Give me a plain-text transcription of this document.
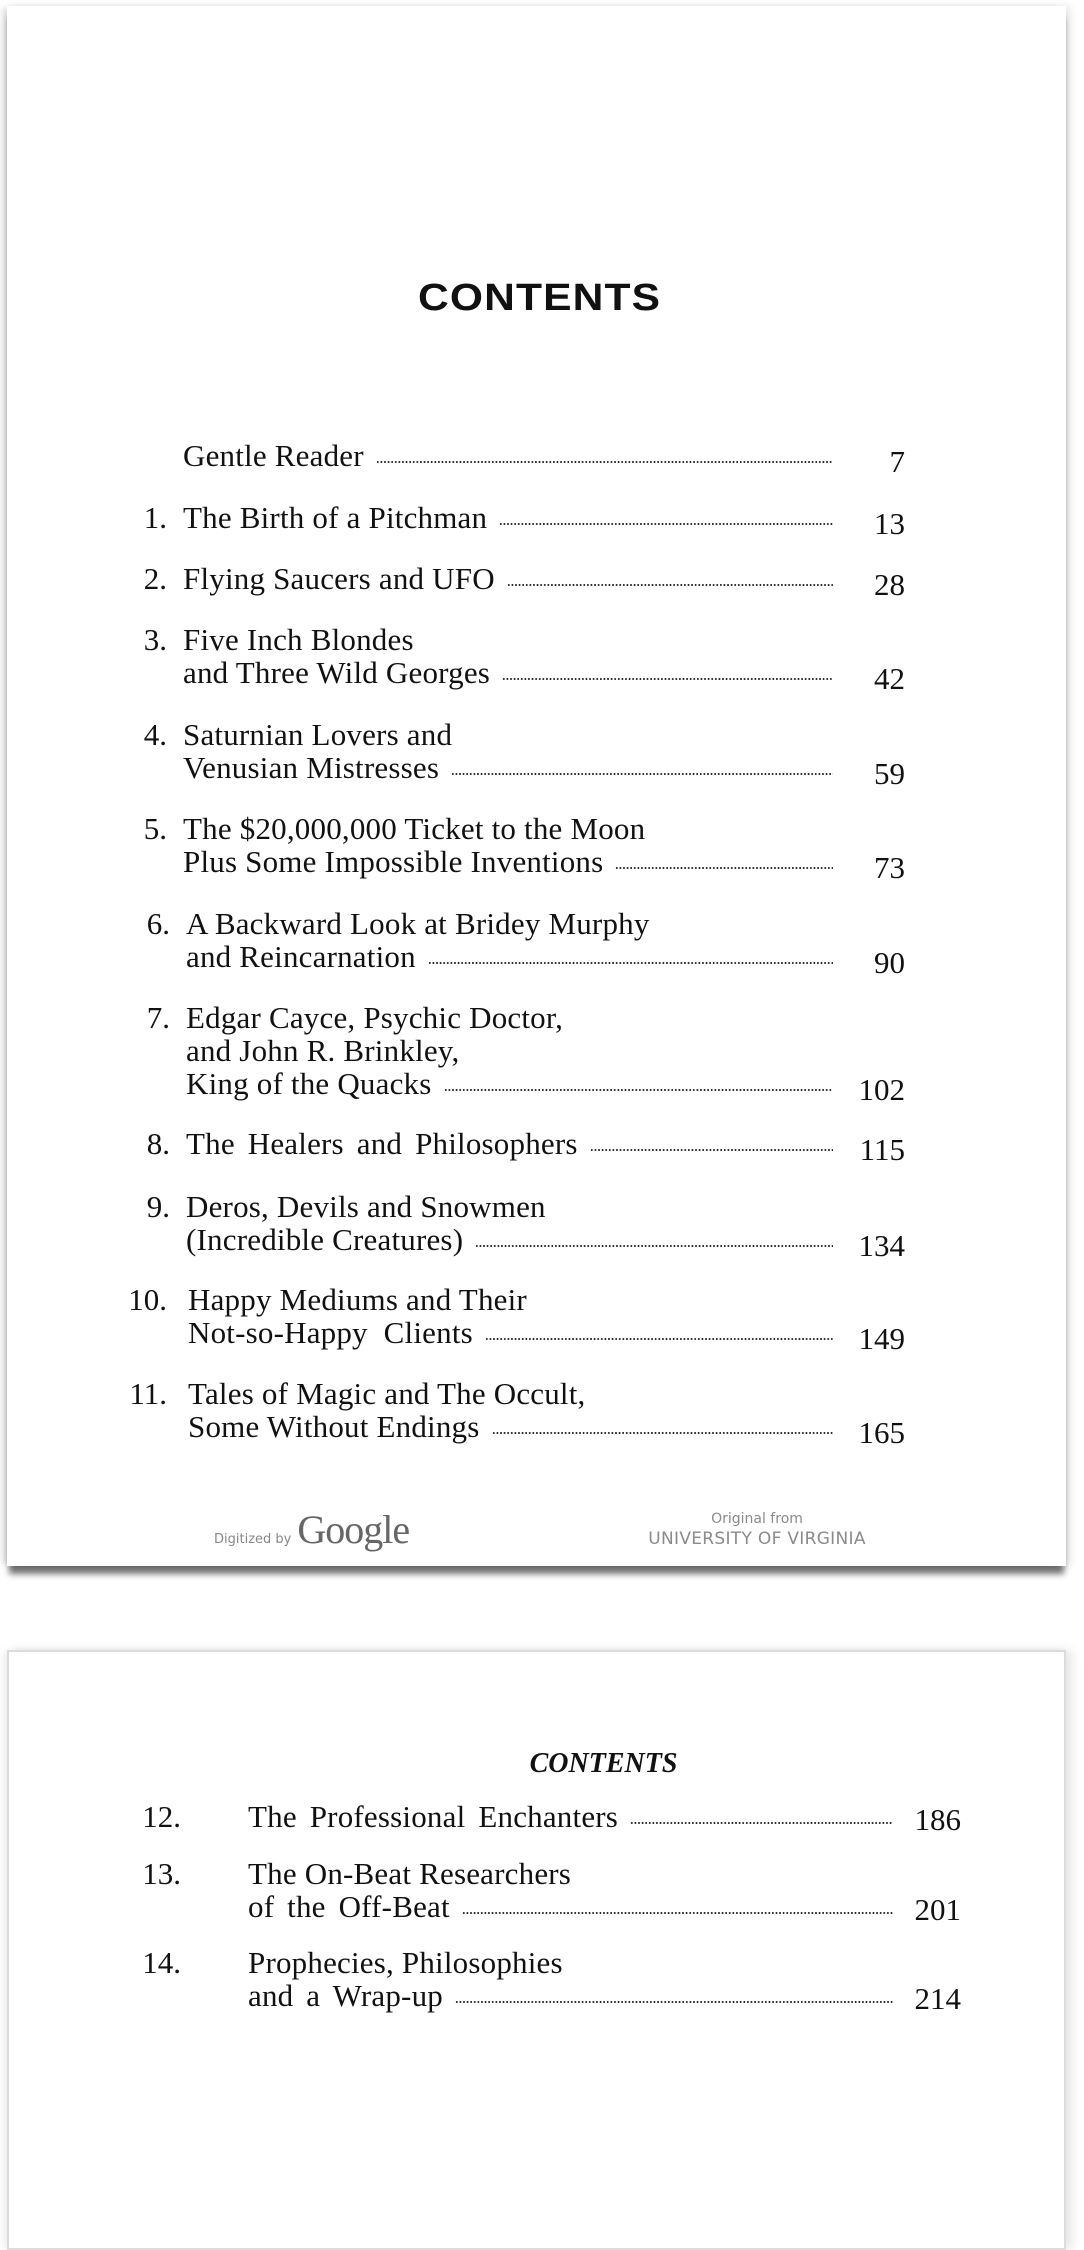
CONTENTS
Gentle Reader	7
1. The Birth of a Pitchman	13
2. Flying Saucers and UFO	28
3. Five Inch Blondes
and Three Wild Georges	42
4. Saturnian Lovers and
Venusian Mistresses	59
5. The $20,000,000 Ticket to the Moon
Plus Some Impossible Inventions	73
6. A Backward Look at Bridey Murphy
and Reincarnation	90
7. Edgar Cayce, Psychic Doctor,
and John R. Brinkley,
King of the Quacks	102
8. The Healers and Philosophers	115
9. Deros, Devils and Snowmen
(Incredible Creatures)	134
10. Happy Mediums and Their
Not-so-Happy  Clients	149
11. Tales of Magic and The Occult,
Some Without Endings	165
Digitized by Google	Original from
UNIVERSITY OF VIRGINIA
CONTENTS
12. The Professional Enchanters	186
13. The On-Beat Researchers
of the Off-Beat	201
14. Prophecies, Philosophies
and a Wrap-up	214
